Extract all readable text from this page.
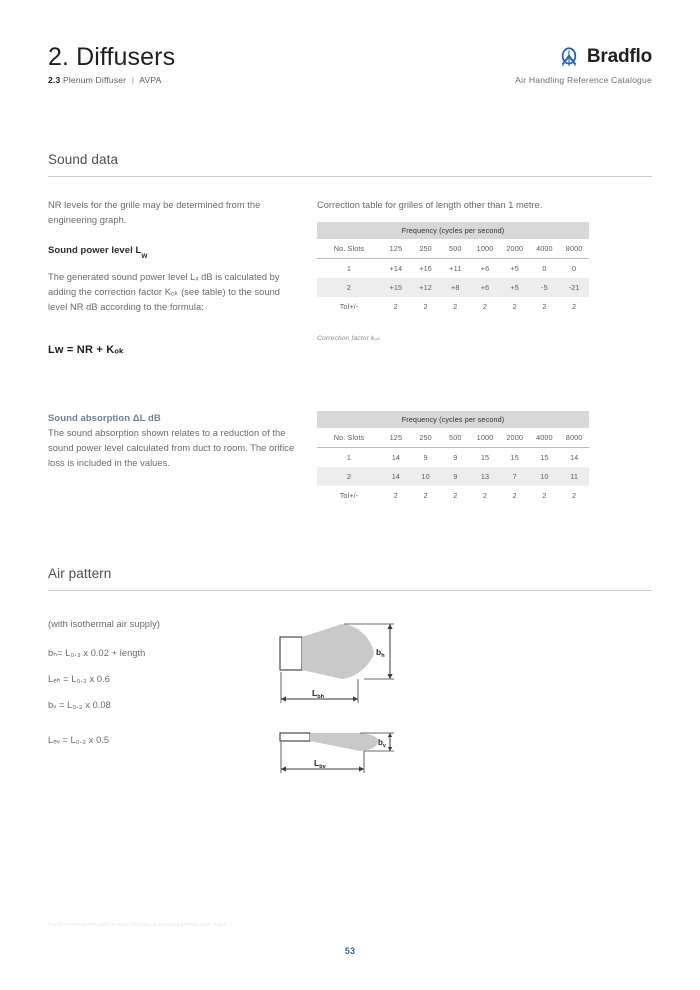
2. Diffusers	Bradflo
2.3 Plenum Diffuser | AVPA	Air Handling Reference Catalogue
Sound data
NR levels for the grille may be determined from the engineering graph.
Sound power level $L_W$
The generated sound power level Lₓ dB is calculated by adding the correction factor Kₒₖ (see table) to the sound level NR dB according to the formula:
Lᴡ = NR + Kₒₖ
Sound absorption ΔL dB
The sound absorption shown relates to a reduction of the sound power level calculated from duct to room. The orifice loss is included in the values.
Correction table for grilles of length other than 1 metre.
Frequency (cycles per second)							
No. Slots	125	250	500	1000	2000	4000	8000
1	+14	+16	+11	+6	+5	0	0
2	+15	+12	+8	+6	+5	-5	-21
Tol+/-	2	2	2	2	2	2	2
Correction factor kₒₖ
Frequency (cycles per second)							
No. Slots	125	250	500	1000	2000	4000	8000
1	14	9	9	15	15	15	14
2	14	10	9	13	7	10	11
Tol+/-	2	2	2	2	2	2	2
Air pattern
(with isothermal air supply)
bₕ= L₀.₃ x 0.02 + length
Lₑₕ = L₀.₃ x 0.6
bᵥ = L₀.₃ x 0.08
Lₑᵥ = L₀.₃ x 0.5
$b_h$
$L_{bh}$
$b_v$
$L_{bv}$
Bradflo reserves the right to make changes to products without prior notice.
53
